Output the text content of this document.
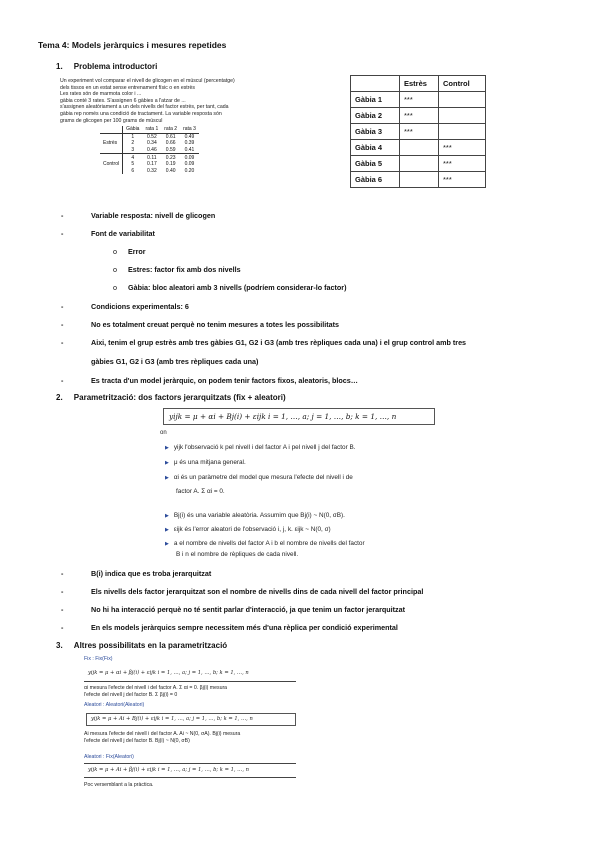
Tema 4: Models jeràrquics i mesures repetides
1.     Problema introductori
Un experiment vol comparar el nivell de glicogen en el múscul (percentatge)
dels tissos en un estat sense entrenament físic o en estrès
Les rates són de marmota color i ...
gàbia conté 3 rates. S'assignen 6 gàbies a l'atzar de ...
s'assignen aleatòriament a un dels nivells del factor estrès, per tant, cada
gàbia rep només una condició de tractament. La variable resposta són
grams de glicogen per 100 grams de múscul
	Gàbia	rata 1	rata 2	rata 3
	1	0.52	0.61	0.49
Estrès	2	0.34	0.66	0.39
	3	0.46	0.59	0.41
	4	0.11	0.23	0.09
Control	5	0.17	0.19	0.09
	6	0.32	0.40	0.20
	Estrès	Control
Gàbia 1	***	
Gàbia 2	***	
Gàbia 3	***	
Gàbia 4		***
Gàbia 5		***
Gàbia 6		***
-	Variable resposta: nivell de glicogen
-	Font de variabilitat
o Error
o Estres: factor fix amb dos nivells
o Gàbia: bloc aleatori amb 3 nivells (podríem considerar-lo factor)
-	Condicions experimentals: 6
-	No es totalment creuat perquè no tenim mesures a totes les possibilitats
-	Aixi, tenim el grup estrès amb tres gàbies G1, G2 i G3 (amb tres rèpliques cada una) i el grup control amb tres
gàbies G1, G2 i G3 (amb tres rèpliques cada una)
-	Es tracta d'un model jeràrquic, on podem tenir factors fixos, aleatoris, blocs…
2.     Parametrització: dos factors jerarquitzats (fix + aleatori)
yijk = μ + αi + Bj(i) + εijk i = 1, …, a; j = 1, …, b; k = 1, …, n
on
▶ yijk l'observació k pel nivell i del factor A i pel nivell j del factor B.
▶ μ és una mitjana general.
▶ αi és un paràmetre del model que mesura l'efecte del nivell i de
factor A. Σ αi = 0.
▶ Bj(i) és una variable aleatòria. Assumim que Bj(i) ~ N(0, σB).
▶ εijk és l'error aleatori de l'observació i, j, k. εijk ~ N(0, σ)
▶ a el nombre de nivells del factor A i b el nombre de nivells del factor
B i n el nombre de rèpliques de cada nivell.
-	B(i) indica que es troba jerarquitzat
-	Els nivells dels factor jerarquitzat son el nombre de nivells dins de cada nivell del factor principal
-	No hi ha interacció perquè no té sentit parlar d'interacció, ja que tenim un factor jerarquitzat
-	En els models jeràrquics sempre necessitem més d'una rèplica per condició experimental
3.     Altres possibilitats en la parametrització
Fix : Fix(Fix)
yijk = μ + αi + βj(i) + εijk i = 1, …, a; j = 1, …, b; k = 1, …, n
αi mesura l'efecte del nivell i del factor A. Σ αi = 0. βj(i) mesura
l'efecte del nivell j del factor B. Σ βj(i) = 0
Aleatori : Aleatori(Aleatori)
yijk = μ + Ai + Bj(i) + εijk i = 1, …, a; j = 1, …, b; k = 1, …, n
Ai mesura l'efecte del nivell i del factor A. Ai ~ N(0, σA). Bj(i) mesura
l'efecte del nivell j del factor B. Bj(i) ~ N(0, σB)
Aleatori : Fix(Aleatori)
yijk = μ + Ai + βj(i) + εijk i = 1, …, a; j = 1, …, b; k = 1, …, n
Poc versemblant a la pràctica.
